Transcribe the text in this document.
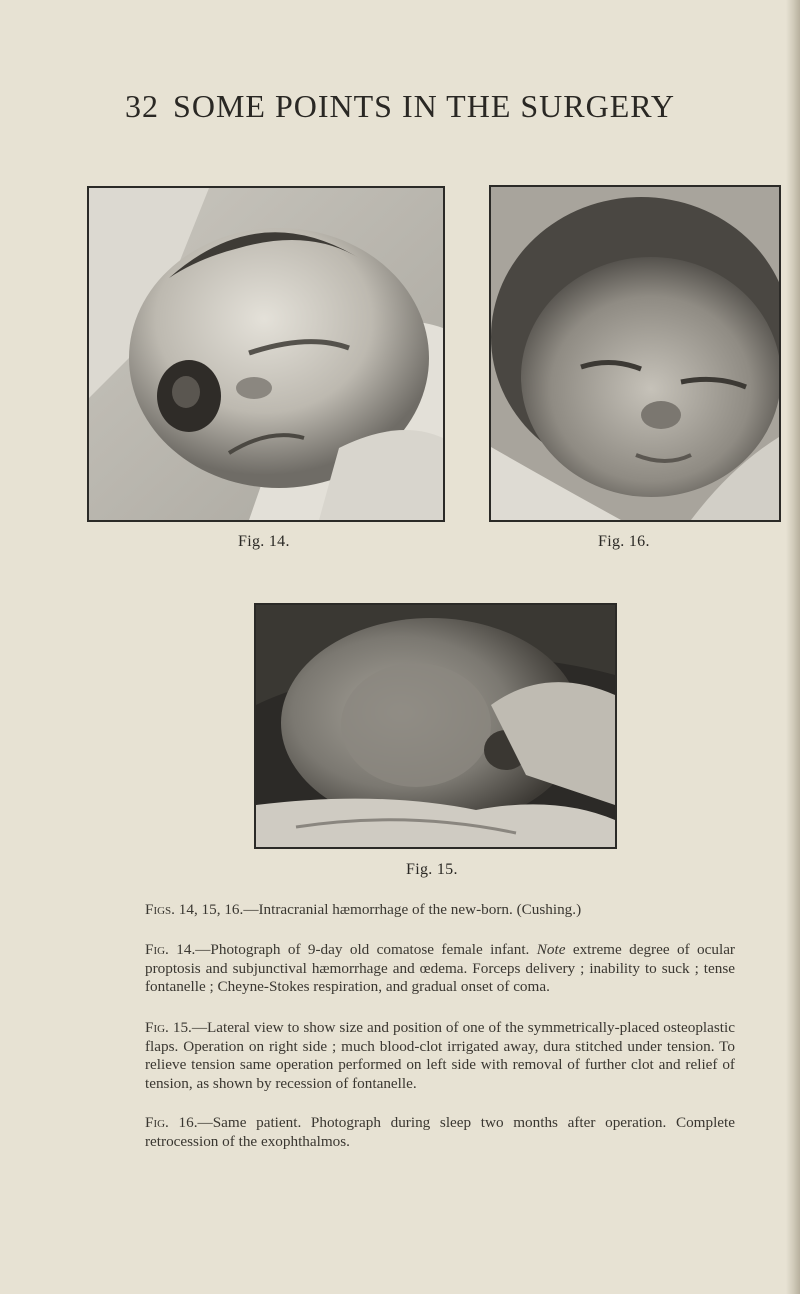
32 SOME POINTS IN THE SURGERY
Fig. 14.	Fig. 16.
Fig. 15.

Figs. 14, 15, 16.—Intracranial hæmorrhage of the new-born. (Cushing.)

Fig. 14.—Photograph of 9-day old comatose female infant. Note extreme degree of ocular proptosis and subjunctival hæmorrhage and œdema. Forceps delivery ; inability to suck ; tense fontanelle ; Cheyne-Stokes respiration, and gradual onset of coma.

Fig. 15.—Lateral view to show size and position of one of the symmetrically-placed osteoplastic flaps. Operation on right side ; much blood-clot irrigated away, dura stitched under tension. To relieve tension same operation performed on left side with removal of further clot and relief of tension, as shown by recession of fontanelle.

Fig. 16.—Same patient. Photograph during sleep two months after operation. Complete retrocession of the exophthalmos.
